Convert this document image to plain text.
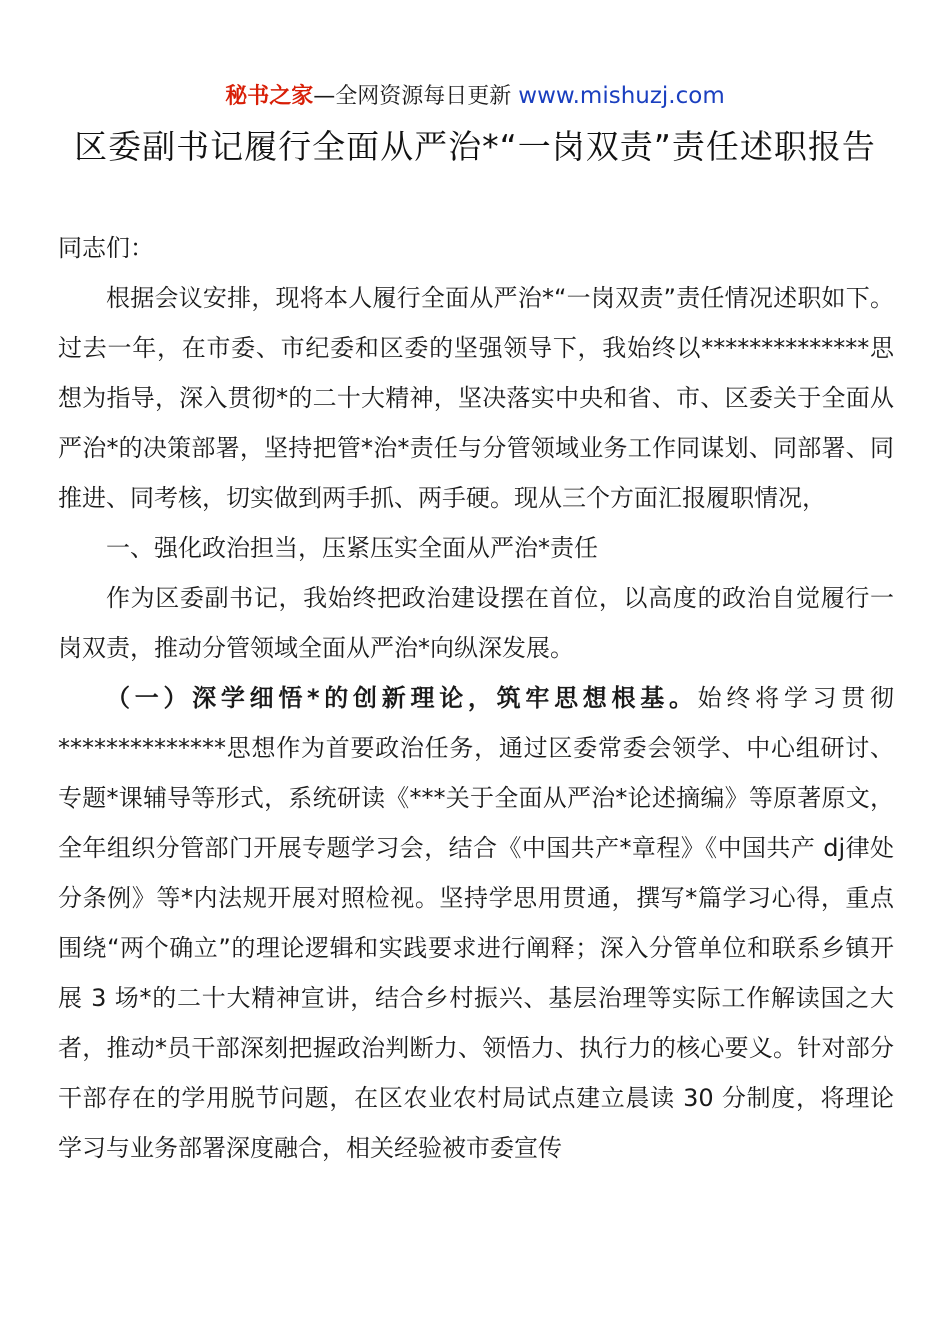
秘书之家—全网资源每日更新 www.mishuzj.com
区委副书记履行全面从严治*“一岗双责”责任述职报告

同志们：

根据会议安排，现将本人履行全面从严治*“一岗双责”责任情况述职如下。过去一年，在市委、市纪委和区委的坚强领导下，我始终以**************思想为指导，深入贯彻*的二十大精神，坚决落实中央和省、市、区委关于全面从严治*的决策部署，坚持把管*治*责任与分管领域业务工作同谋划、同部署、同推进、同考核，切实做到两手抓、两手硬。现从三个方面汇报履职情况，

一、强化政治担当，压紧压实全面从严治*责任

作为区委副书记，我始终把政治建设摆在首位，以高度的政治自觉履行一岗双责，推动分管领域全面从严治*向纵深发展。

（一）深学细悟*的创新理论，筑牢思想根基。始终将学习贯彻**************思想作为首要政治任务，通过区委常委会领学、中心组研讨、专题*课辅导等形式，系统研读《***关于全面从严治*论述摘编》等原著原文，全年组织分管部门开展专题学习会，结合《中国共产*章程》《中国共产 dj律处分条例》等*内法规开展对照检视。坚持学思用贯通，撰写*篇学习心得，重点围绕“两个确立”的理论逻辑和实践要求进行阐释；深入分管单位和联系乡镇开展 3 场*的二十大精神宣讲，结合乡村振兴、基层治理等实际工作解读国之大者，推动*员干部深刻把握政治判断力、领悟力、执行力的核心要义。针对部分干部存在的学用脱节问题，在区农业农村局试点建立晨读 30 分制度，将理论学习与业务部署深度融合，相关经验被市委宣传
